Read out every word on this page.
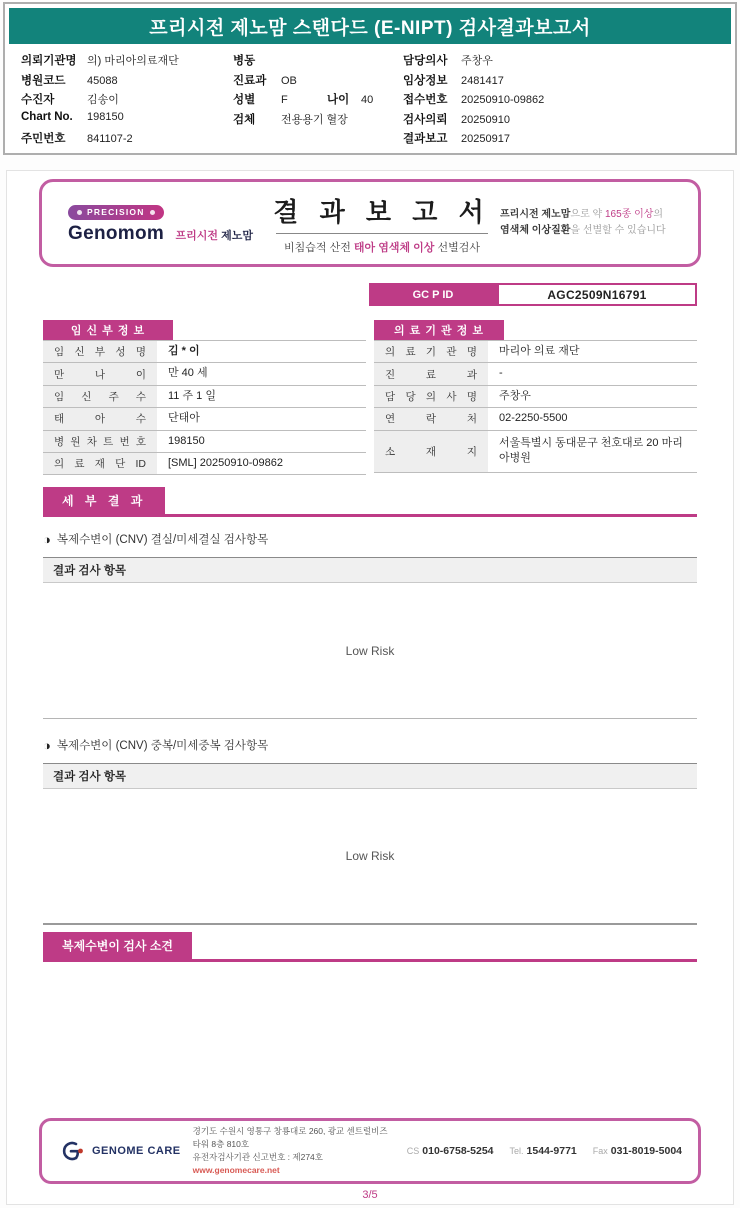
프리시전 제노맘 스탠다드 (E-NIPT) 검사결과보고서
의뢰기관명 의) 마리아의료재단
병원코드	45088
수진자	김송이
Chart No.	198150
주민번호	841107-2
병동
진료과	OB
성별	F	나이	40
검체	전용용기 혈장
담당의사	주창우
임상정보	2481417
접수번호	20250910-09862
검사의뢰	20250910
결과보고	20250917
PRECISION
Genomom 프리시전 제노맘
결 과 보 고 서
비침습적 산전 태아 염색체 이상 선별검사
프리시전 제노맘으로 약 165종 이상의 염색체 이상질환을 선별할 수 있습니다
GC P ID	AGC2509N16791
임 신 부 정 보
임 신 부 성 명	김 * 이
만 나 이	만 40 세
임 신 주 수	11 주 1 일
태 아 수	단태아
병 원 차 트 번 호	198150
의 료 재 단 ID	[SML] 20250910-09862
의 료 기 관 정 보
의 료 기 관 명	마리아 의료 재단
진 료 과	-
담 당 의 사 명	주창우
연 락 처	02-2250-5500
소 재 지
서울특별시 동대문구 천호대로 20 마리아병원
세 부 결 과
◑ 복제수변이 (CNV) 결실/미세결실 검사항목
결과 검사 항목
Low Risk
◑ 복제수변이 (CNV) 중복/미세중복 검사항목
결과 검사 항목
Low Risk
복제수변이 검사 소견
GENOME CARE
경기도 수원시 영통구 창룡대로 260, 광교 센트럴비즈타워 8층 810호
유전자검사기관 신고번호 : 제274호
www.genomecare.net
CS 010-6758-5254 Tel. 1544-9771 Fax 031-8019-5004
3/5
